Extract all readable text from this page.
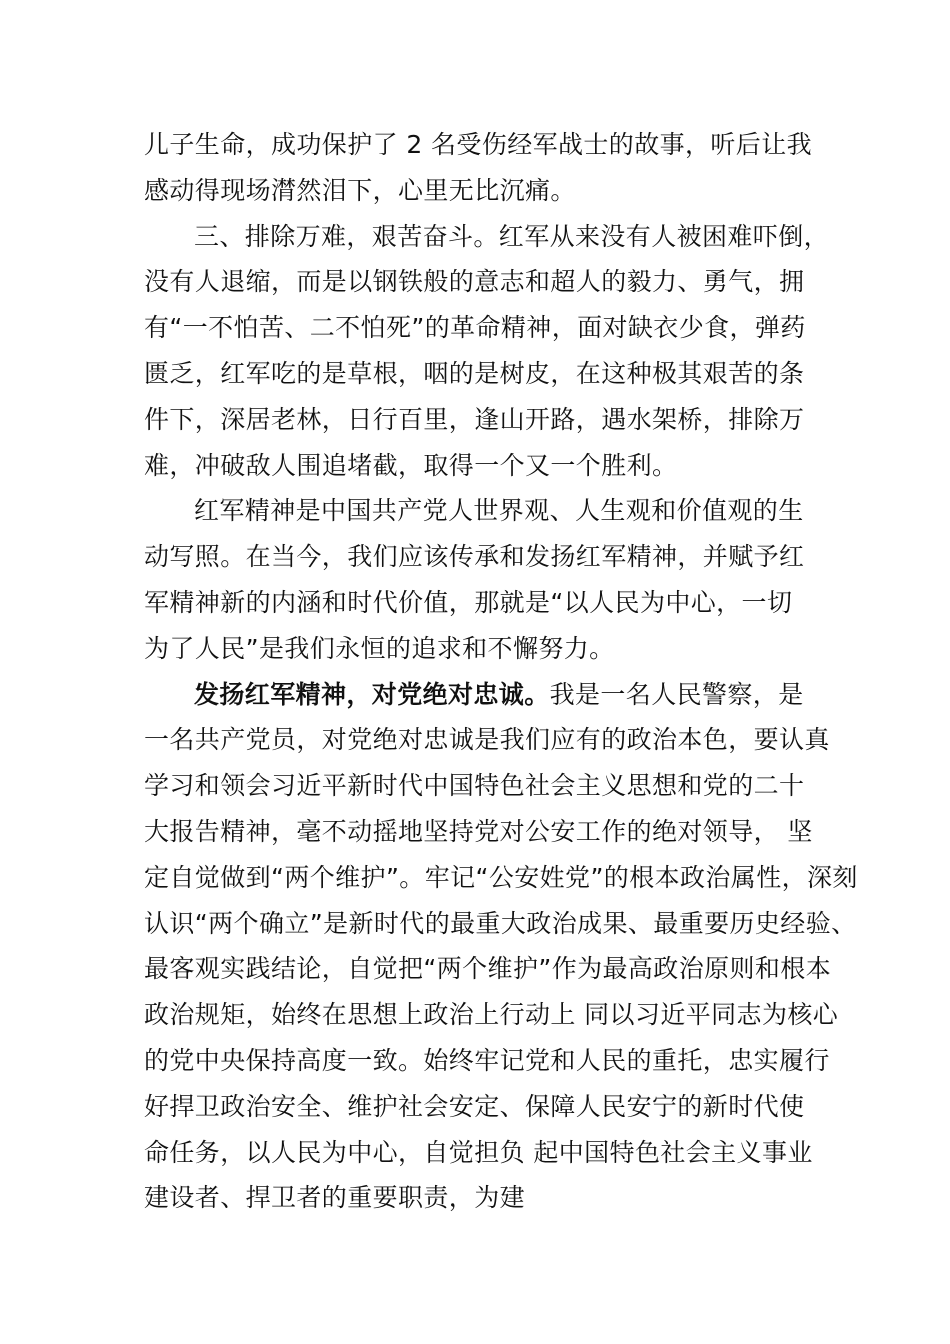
儿子生命，成功保护了 2 名受伤经军战士的故事，听后让我
感动得现场潸然泪下，心里无比沉痛。
三、排除万难，艰苦奋斗。红军从来没有人被困难吓倒，
没有人退缩，而是以钢铁般的意志和超人的毅力、勇气，拥
有“一不怕苦、二不怕死”的革命精神，面对缺衣少食，弹药
匮乏，红军吃的是草根，咽的是树皮，在这种极其艰苦的条
件下，深居老林，日行百里，逢山开路，遇水架桥，排除万
难，冲破敌人围追堵截，取得一个又一个胜利。
红军精神是中国共产党人世界观、人生观和价值观的生
动写照。在当今，我们应该传承和发扬红军精神，并赋予红
军精神新的内涵和时代价值，那就是“以人民为中心，一切
为了人民”是我们永恒的追求和不懈努力。
发扬红军精神，对党绝对忠诚。我是一名人民警察，是
一名共产党员，对党绝对忠诚是我们应有的政治本色，要认真
学习和领会习近平新时代中国特色社会主义思想和党的二十
大报告精神，毫不动摇地坚持党对公安工作的绝对领导， 坚
定自觉做到“两个维护”。牢记“公安姓党”的根本政治属性，深刻
认识“两个确立”是新时代的最重大政治成果、最重要历史经验、
最客观实践结论，自觉把“两个维护”作为最高政治原则和根本
政治规矩，始终在思想上政治上行动上 同以习近平同志为核心
的党中央保持高度一致。始终牢记党和人民的重托，忠实履行
好捍卫政治安全、维护社会安定、保障人民安宁的新时代使
命任务，以人民为中心，自觉担负 起中国特色社会主义事业
建设者、捍卫者的重要职责，为建
